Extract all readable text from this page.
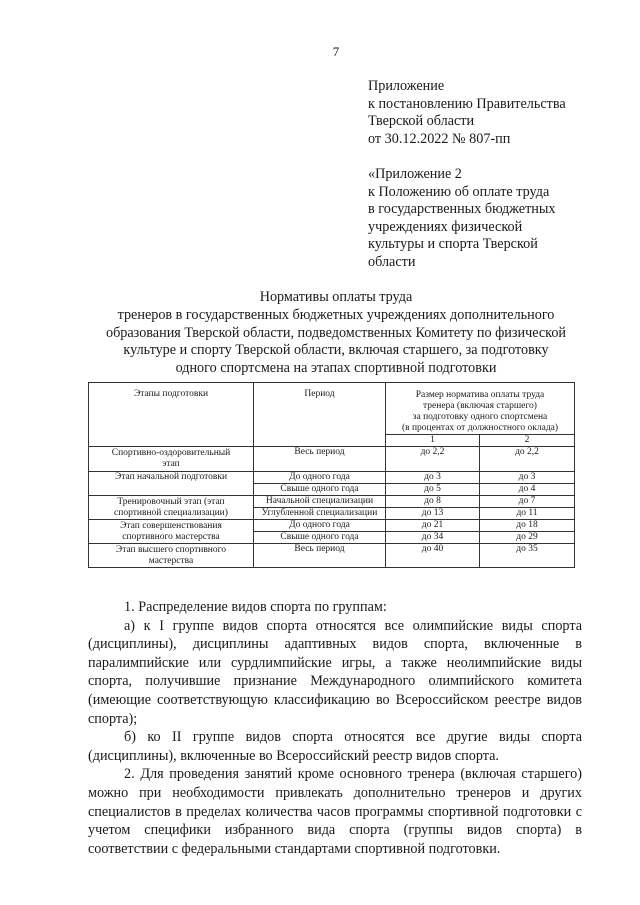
7
Приложение
к постановлению Правительства
Тверской области
от 30.12.2022 № 807-пп
«Приложение 2
к Положению об оплате труда
в государственных бюджетных
учреждениях физической
культуры и спорта Тверской
области
Нормативы оплаты труда
тренеров в государственных бюджетных учреждениях дополнительного
образования Тверской области, подведомственных Комитету по физической
культуре и спорту Тверской области, включая старшего, за подготовку
одного спортсмена на этапах спортивной подготовки
Этапы подготовки	Период	Размер норматива оплаты труда
тренера (включая старшего)
за подготовку одного спортсмена
(в процентах от должностного оклада)	

		1	2

Спортивно-оздоровительный
этап	Весь период	до 2,2	до 2,2
Этап начальной подготовки	До одного года	до 3	до 3
	Свыше одного года	до 5	до 4

Тренировочный этап (этап
спортивной специализации)	Начальной специализации	до 8	до 7
	Углубленной специализации	до 13	до 11

Этап совершенствования
спортивного мастерства	До одного года	до 21	до 18
	Свыше одного года	до 34	до 29

Этап высшего спортивного
мастерства	Весь период	до 40	до 35

1. Распределение видов спорта по группам:

а) к I группе видов спорта относятся все олимпийские виды спорта (дисциплины), дисциплины адаптивных видов спорта, включенные в паралимпийские или сурдлимпийские игры, а также неолимпийские виды спорта, получившие признание Международного олимпийского комитета (имеющие соответствующую классификацию во Всероссийском реестре видов спорта);

б) ко II группе видов спорта относятся все другие виды спорта (дисциплины), включенные во Всероссийский реестр видов спорта.

2. Для проведения занятий кроме основного тренера (включая старшего) можно при необходимости привлекать дополнительно тренеров и других специалистов в пределах количества часов программы спортивной подготовки с учетом специфики избранного вида спорта (группы видов спорта) в соответствии с федеральными стандартами спортивной подготовки.
